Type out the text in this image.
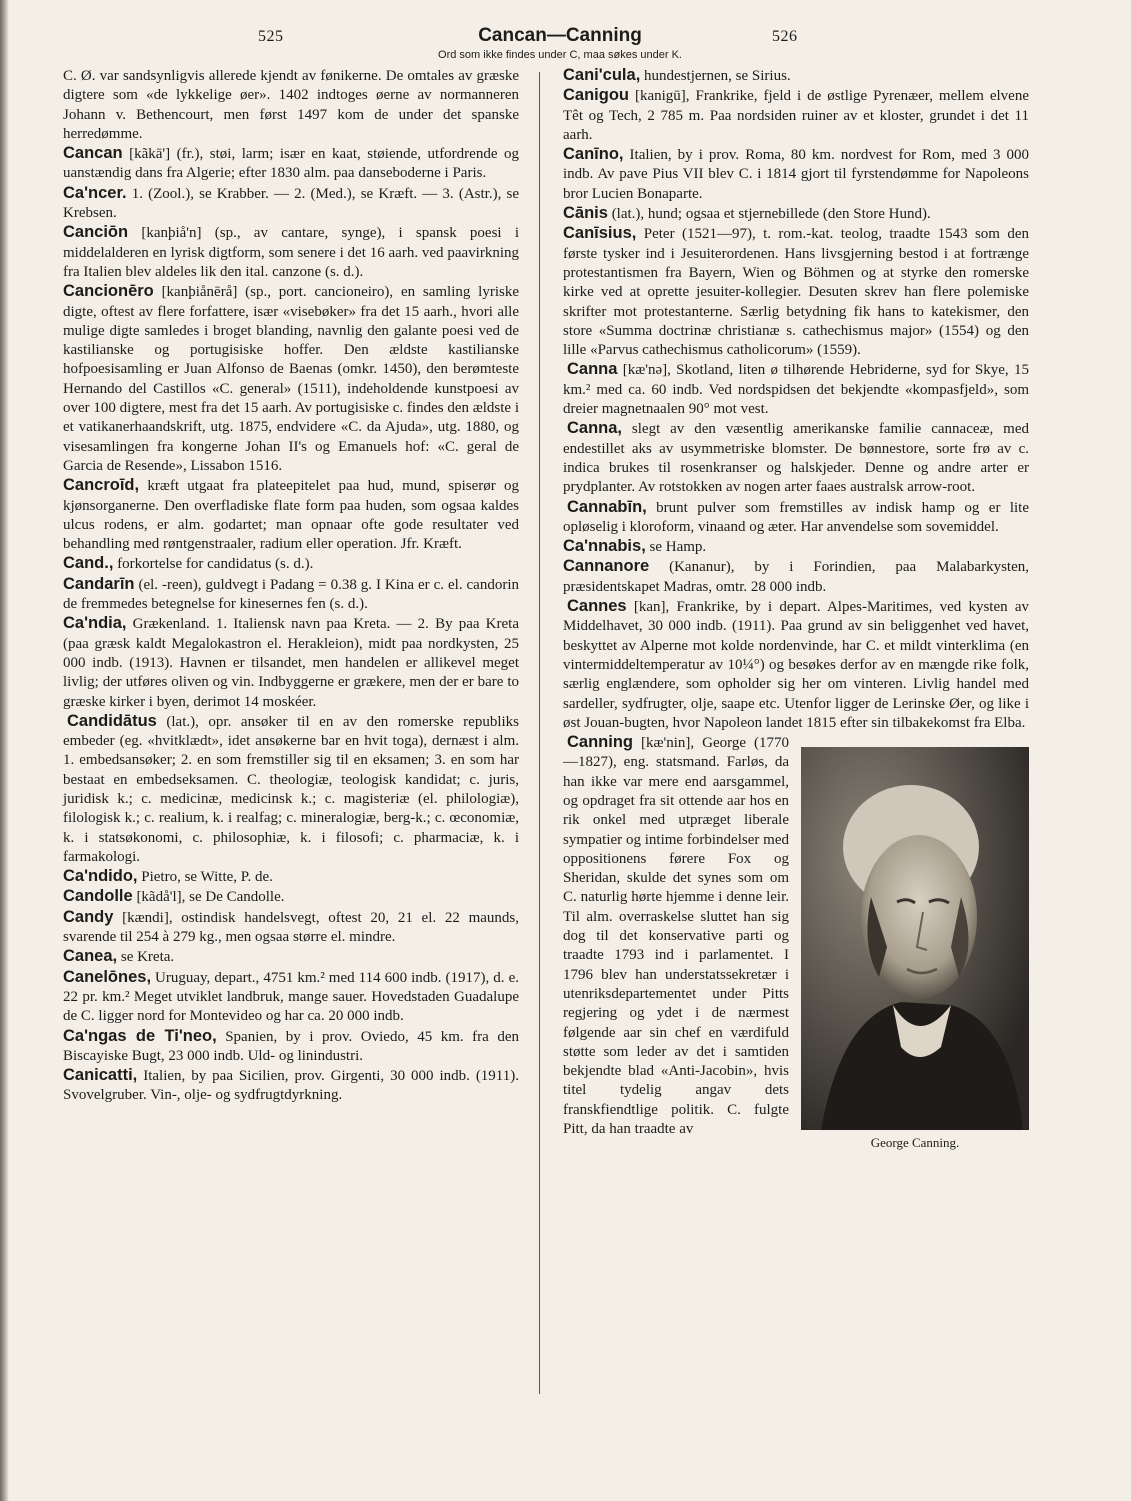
525	Cancan—Canning	526
Ord som ikke findes under C, maa søkes under K.

C. Ø. var sandsynligvis allerede kjendt av fønikerne. De omtales av græske digtere som «de lykkelige øer». 1402 indtoges øerne av normanneren Johann v. Bethencourt, men først 1497 kom de under det spanske herredømme.

Cancan [kãkā'] (fr.), støi, larm; især en kaat, støiende, utfordrende og uanstændig dans fra Algerie; efter 1830 alm. paa danseboderne i Paris.

Ca'ncer. 1. (Zool.), se Krabber. — 2. (Med.), se Kræft. — 3. (Astr.), se Krebsen.

Canciōn [kanþiå'n] (sp., av cantare, synge), i spansk poesi i middelalderen en lyrisk digtform, som senere i det 16 aarh. ved paavirkning fra Italien blev aldeles lik den ital. canzone (s. d.).

Cancionēro [kanþiånērå] (sp., port. cancioneiro), en samling lyriske digte, oftest av flere forfattere, især «visebøker» fra det 15 aarh., hvori alle mulige digte samledes i broget blanding, navnlig den galante poesi ved de kastilianske og portugisiske hoffer. Den ældste kastilianske hofpoesisamling er Juan Alfonso de Baenas (omkr. 1450), den berømteste Hernando del Castillos «C. general» (1511), indeholdende kunstpoesi av over 100 digtere, mest fra det 15 aarh. Av portugisiske c. findes den ældste i et vatikanerhaandskrift, utg. 1875, endvidere «C. da Ajuda», utg. 1880, og visesamlingen fra kongerne Johan II's og Emanuels hof: «C. geral de Garcia de Resende», Lissabon 1516.

Cancroīd, kræft utgaat fra plateepitelet paa hud, mund, spiserør og kjønsorganerne. Den overfladiske flate form paa huden, som ogsaa kaldes ulcus rodens, er alm. godartet; man opnaar ofte gode resultater ved behandling med røntgenstraaler, radium eller operation. Jfr. Kræft.

Cand., forkortelse for candidatus (s. d.).

Candarīn (el. -reen), guldvegt i Padang = 0.38 g. I Kina er c. el. candorin de fremmedes betegnelse for kinesernes fen (s. d.).

Ca'ndia, Grækenland. 1. Italiensk navn paa Kreta. — 2. By paa Kreta (paa græsk kaldt Megalokastron el. Herakleion), midt paa nordkysten, 25 000 indb. (1913). Havnen er tilsandet, men handelen er allikevel meget livlig; der utføres oliven og vin. Indbyggerne er grækere, men der er bare to græske kirker i byen, derimot 14 moskéer.

Candidātus (lat.), opr. ansøker til en av den romerske republiks embeder (eg. «hvitklædt», idet ansøkerne bar en hvit toga), dernæst i alm. 1. embedsansøker; 2. en som fremstiller sig til en eksamen; 3. en som har bestaat en embedseksamen. C. theologiæ, teologisk kandidat; c. juris, juridisk k.; c. medicinæ, medicinsk k.; c. magisteriæ (el. philologiæ), filologisk k.; c. realium, k. i realfag; c. mineralogiæ, berg-k.; c. œconomiæ, k. i statsøkonomi, c. philosophiæ, k. i filosofi; c. pharmaciæ, k. i farmakologi.

Ca'ndido, Pietro, se Witte, P. de.

Candolle [kãdå'l], se De Candolle.

Candy [kændi], ostindisk handelsvegt, oftest 20, 21 el. 22 maunds, svarende til 254 à 279 kg., men ogsaa større el. mindre.

Canea, se Kreta.

Canelōnes, Uruguay, depart., 4751 km.² med 114 600 indb. (1917), d. e. 22 pr. km.² Meget utviklet landbruk, mange sauer. Hovedstaden Guadalupe de C. ligger nord for Montevideo og har ca. 20 000 indb.

Ca'ngas de Ti'neo, Spanien, by i prov. Oviedo, 45 km. fra den Biscayiske Bugt, 23 000 indb. Uld- og linindustri.

Canicatti, Italien, by paa Sicilien, prov. Girgenti, 30 000 indb. (1911). Svovelgruber. Vin-, olje- og sydfrugtdyrkning.

Cani'cula, hundestjernen, se Sirius.

Canigou [kanigū], Frankrike, fjeld i de østlige Pyrenæer, mellem elvene Têt og Tech, 2 785 m. Paa nordsiden ruiner av et kloster, grundet i det 11 aarh.

Canīno, Italien, by i prov. Roma, 80 km. nordvest for Rom, med 3 000 indb. Av pave Pius VII blev C. i 1814 gjort til fyrstendømme for Napoleons bror Lucien Bonaparte.

Cānis (lat.), hund; ogsaa et stjernebillede (den Store Hund).

Canīsius, Peter (1521—97), t. rom.-kat. teolog, traadte 1543 som den første tysker ind i Jesuiterordenen. Hans livsgjerning bestod i at fortrænge protestantismen fra Bayern, Wien og Böhmen og at styrke den romerske kirke ved at oprette jesuiter-kollegier. Desuten skrev han flere polemiske skrifter mot protestanterne. Særlig betydning fik hans to katekismer, den store «Summa doctrinæ christianæ s. cathechismus major» (1554) og den lille «Parvus cathechismus catholicorum» (1559).

Canna [kæ'nə], Skotland, liten ø tilhørende Hebriderne, syd for Skye, 15 km.² med ca. 60 indb. Ved nordspidsen det bekjendte «kompasfjeld», som dreier magnetnaalen 90° mot vest.

Canna, slegt av den væsentlig amerikanske familie cannaceæ, med endestillet aks av usymmetriske blomster. De bønnestore, sorte frø av c. indica brukes til rosenkranser og halskjeder. Denne og andre arter er prydplanter. Av rotstokken av nogen arter faaes australsk arrow-root.

Cannabīn, brunt pulver som fremstilles av indisk hamp og er lite opløselig i kloroform, vinaand og æter. Har anvendelse som sovemiddel.

Ca'nnabis, se Hamp.

Cannanore (Kananur), by i Forindien, paa Malabarkysten, præsidentskapet Madras, omtr. 28 000 indb.

Cannes [kan], Frankrike, by i depart. Alpes-Maritimes, ved kysten av Middelhavet, 30 000 indb. (1911). Paa grund av sin beliggenhet ved havet, beskyttet av Alperne mot kolde nordenvinde, har C. et mildt vinterklima (en vintermiddeltemperatur av 10¼°) og besøkes derfor av en mængde rike folk, særlig englændere, som opholder sig her om vinteren. Livlig handel med sardeller, sydfrugter, olje, saape etc. Utenfor ligger de Lerinske Øer, og like i øst Jouan-bugten, hvor Napoleon landet 1815 efter sin tilbakekomst fra Elba.

Canning
George Canning.
[kæ'nin], George (1770—1827), eng. statsmand. Farløs, da han ikke var mere end aarsgammel, og opdraget fra sit ottende aar hos en rik onkel med utpræget liberale sympatier og intime forbindelser med oppositionens førere Fox og Sheridan, skulde det synes som om C. naturlig hørte hjemme i denne leir. Til alm. overraskelse sluttet han sig dog til det konservative parti og traadte 1793 ind i parlamentet. I 1796 blev han understatssekretær i utenriksdepartementet under Pitts regjering og ydet i de nærmest følgende aar sin chef en værdifuld støtte som leder av det i samtiden bekjendte blad «Anti-Jacobin», hvis titel tydelig angav dets franskfiendtlige politik. C. fulgte Pitt, da han traadte av
